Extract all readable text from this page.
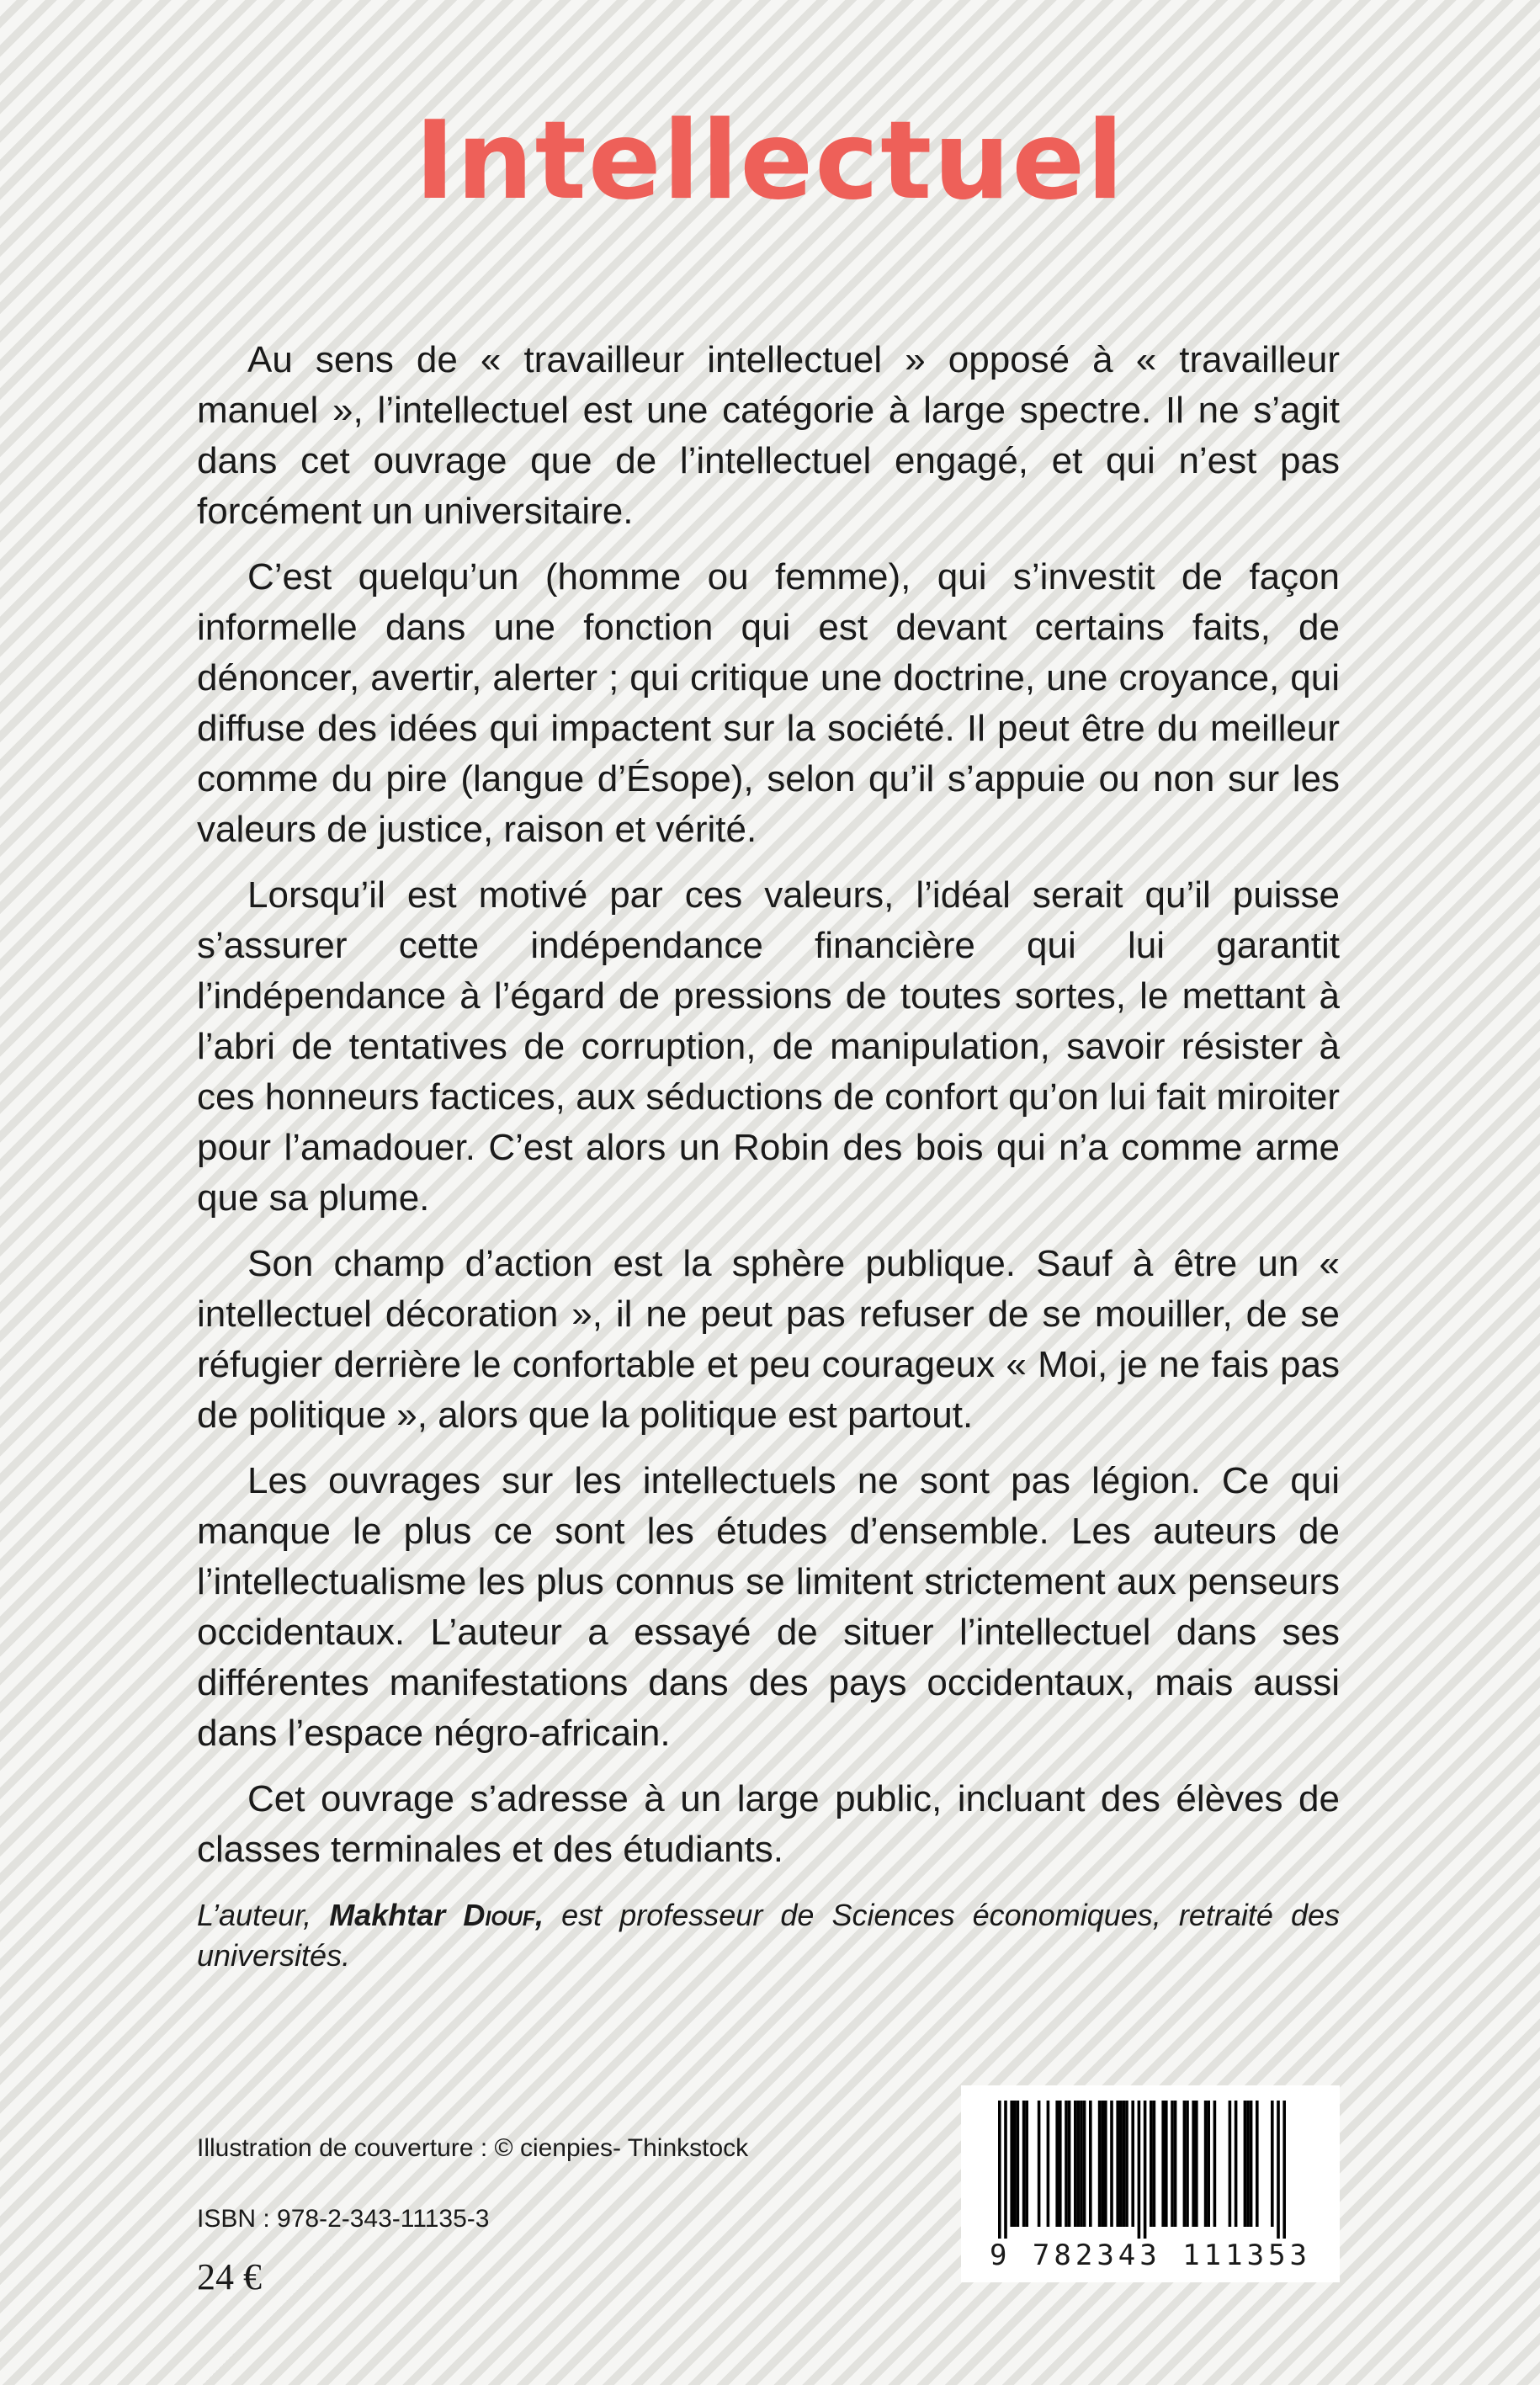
Intellectuel

Au sens de « travailleur intellectuel » opposé à « travailleur manuel », l’intellectuel est une catégorie à large spectre. Il ne s’agit dans cet ouvrage que de l’intellectuel engagé, et qui n’est pas forcément un universitaire.

C’est quelqu’un (homme ou femme), qui s’investit de façon informelle dans une fonction qui est devant certains faits, de dénoncer, avertir, alerter ; qui critique une doctrine, une croyance, qui diffuse des idées qui impactent sur la société. Il peut être du meilleur comme du pire (langue d’Ésope), selon qu’il s’appuie ou non sur les valeurs de justice, raison et vérité.

Lorsqu’il est motivé par ces valeurs, l’idéal serait qu’il puisse s’assurer cette indépendance financière qui lui garantit l’indépendance à l’égard de pressions de toutes sortes, le mettant à l’abri de tentatives de corruption, de manipulation, savoir résister à ces honneurs factices, aux séductions de confort qu’on lui fait miroiter pour l’amadouer. C’est alors un Robin des bois qui n’a comme arme que sa plume.

Son champ d’action est la sphère publique. Sauf à être un « intellectuel décoration », il ne peut pas refuser de se mouiller, de se réfugier derrière le confortable et peu courageux « Moi, je ne fais pas de politique », alors que la politique est partout.

Les ouvrages sur les intellectuels ne sont pas légion. Ce qui manque le plus ce sont les études d’ensemble. Les auteurs de l’intellectualisme les plus connus se limitent strictement aux penseurs occidentaux. L’auteur a essayé de situer l’intellectuel dans ses différentes manifestations dans des pays occidentaux, mais aussi dans l’espace négro-africain.

Cet ouvrage s’adresse à un large public, incluant des élèves de classes terminales et des étudiants.

L’auteur, Makhtar Diouf, est professeur de Sciences économiques, retraité des universités.
Illustration de couverture : © cienpies- Thinkstock
ISBN : 978-2-343-11135-3
24 €
9 782343 111353
